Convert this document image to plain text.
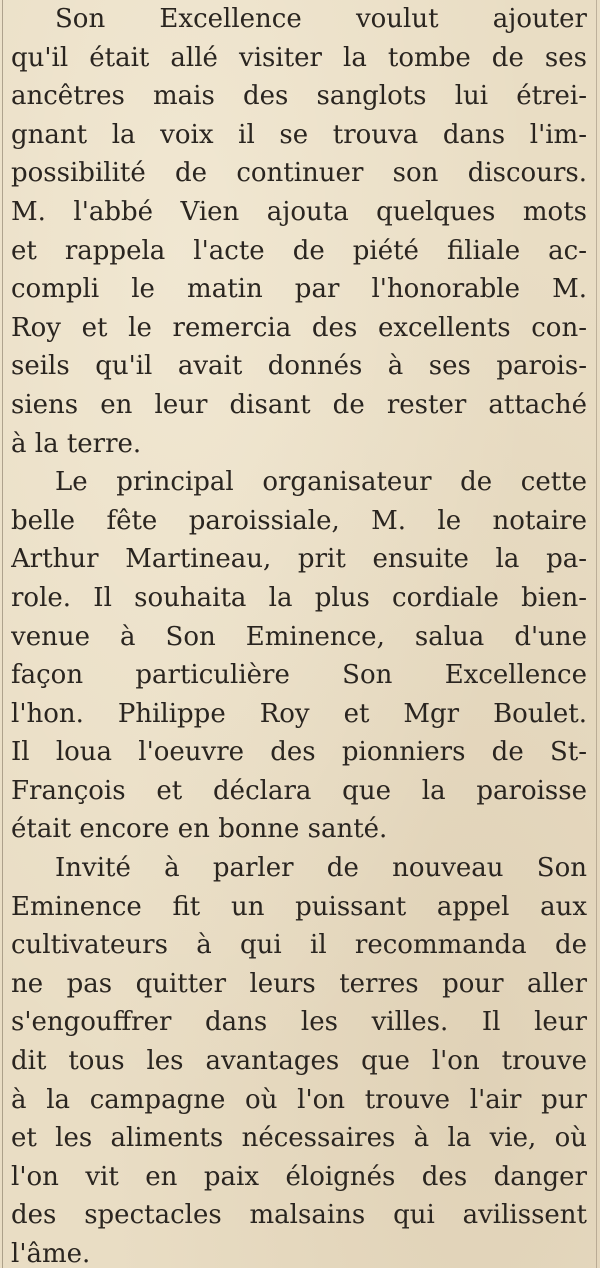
Son Excellence voulut ajouter
qu'il était allé visiter la tombe de ses
ancêtres mais des sanglots lui étrei-
gnant la voix il se trouva dans l'im-
possibilité de continuer son discours.
M. l'abbé Vien ajouta quelques mots
et rappela l'acte de piété filiale ac-
compli le matin par l'honorable M.
Roy et le remercia des excellents con-
seils qu'il avait donnés à ses parois-
siens en leur disant de rester attaché
à la terre.
Le principal organisateur de cette
belle fête paroissiale, M. le notaire
Arthur Martineau, prit ensuite la pa-
role. Il souhaita la plus cordiale bien-
venue à Son Eminence, salua d'une
façon particulière Son Excellence
l'hon. Philippe Roy et Mgr Boulet.
Il loua l'oeuvre des pionniers de St-
François et déclara que la paroisse
était encore en bonne santé.
Invité à parler de nouveau Son
Eminence fit un puissant appel aux
cultivateurs à qui il recommanda de
ne pas quitter leurs terres pour aller
s'engouffrer dans les villes. Il leur
dit tous les avantages que l'on trouve
à la campagne où l'on trouve l'air pur
et les aliments nécessaires à la vie, où
l'on vit en paix éloignés des danger
des spectacles malsains qui avilissent
l'âme.
